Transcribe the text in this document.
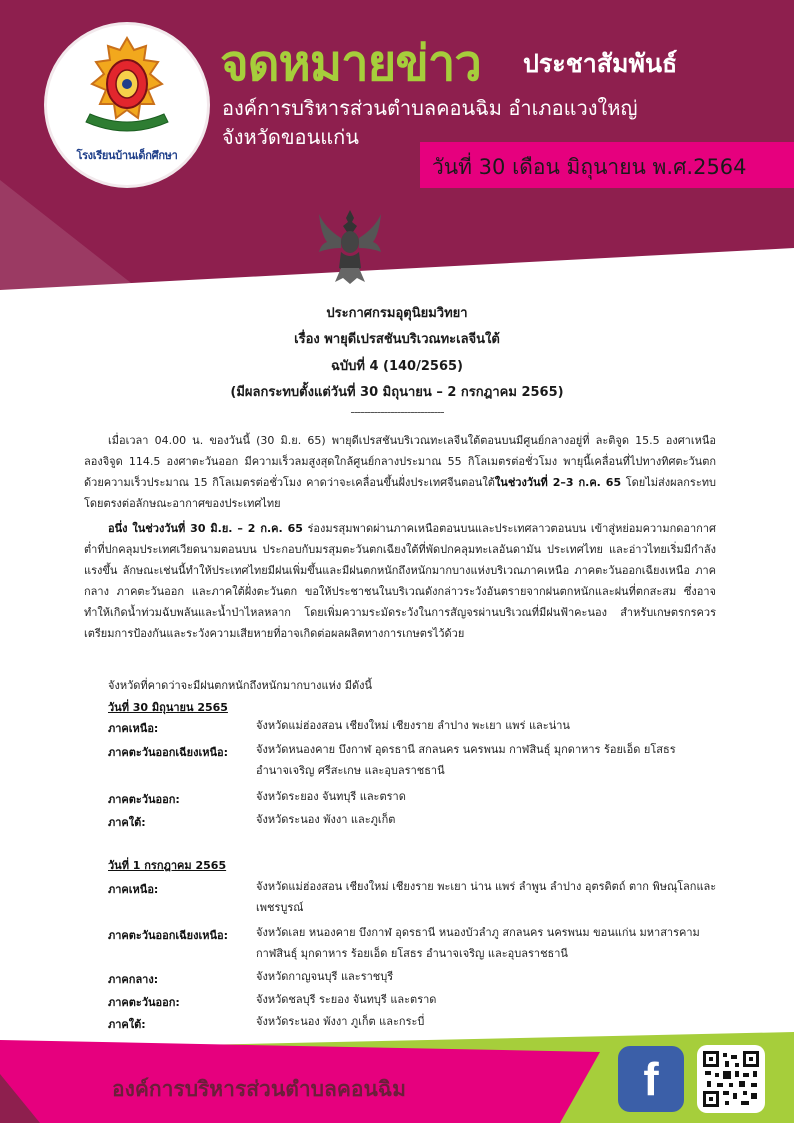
โรงเรียนบ้านเด็กศึกษา
จดหมายข่าว ประชาสัมพันธ์
องค์การบริหารส่วนตำบลคอนฉิม อำเภอแวงใหญ่
จังหวัดขอนแก่น
วันที่ 30 เดือน มิถุนายน พ.ศ.2564
ประกาศกรมอุตุนิยมวิทยา
เรื่อง พายุดีเปรสชันบริเวณทะเลจีนใต้
ฉบับที่ 4 (140/2565)
(มีผลกระทบตั้งแต่วันที่ 30 มิถุนายน – 2 กรกฎาคม 2565)
----------------------------

เมื่อเวลา 04.00 น. ของวันนี้ (30 มิ.ย. 65) พายุดีเปรสชันบริเวณทะเลจีนใต้ตอนบนมีศูนย์กลางอยู่ที่ ละติจูด 15.5 องศาเหนือ ลองจิจูด 114.5 องศาตะวันออก มีความเร็วลมสูงสุดใกล้ศูนย์กลางประมาณ 55 กิโลเมตรต่อชั่วโมง พายุนี้เคลื่อนที่ไปทางทิศตะวันตก ด้วยความเร็วประมาณ 15 กิโลเมตรต่อชั่วโมง คาดว่าจะเคลื่อนขึ้นฝั่งประเทศจีนตอนใต้ในช่วงวันที่ 2–3 ก.ค. 65 โดยไม่ส่งผลกระทบโดยตรงต่อลักษณะอากาศของประเทศไทย

อนึ่ง ในช่วงวันที่ 30 มิ.ย. – 2 ก.ค. 65 ร่องมรสุมพาดผ่านภาคเหนือตอนบนและประเทศลาวตอนบน เข้าสู่หย่อมความกดอากาศต่ำที่ปกคลุมประเทศเวียดนามตอนบน ประกอบกับมรสุมตะวันตกเฉียงใต้ที่พัดปกคลุมทะเลอันดามัน ประเทศไทย และอ่าวไทยเริ่มมีกำลังแรงขึ้น ลักษณะเช่นนี้ทำให้ประเทศไทยมีฝนเพิ่มขึ้นและมีฝนตกหนักถึงหนักมากบางแห่งบริเวณภาคเหนือ ภาคตะวันออกเฉียงเหนือ ภาคกลาง ภาคตะวันออก และภาคใต้ฝั่งตะวันตก ขอให้ประชาชนในบริเวณดังกล่าวระวังอันตรายจากฝนตกหนักและฝนที่ตกสะสม ซึ่งอาจทำให้เกิดน้ำท่วมฉับพลันและน้ำป่าไหลหลาก โดยเพิ่มความระมัดระวังในการสัญจรผ่านบริเวณที่มีฝนฟ้าคะนอง สำหรับเกษตรกรควรเตรียมการป้องกันและระวังความเสียหายที่อาจเกิดต่อผลผลิตทางการเกษตรไว้ด้วย

จังหวัดที่คาดว่าจะมีฝนตกหนักถึงหนักมากบางแห่ง มีดังนี้
วันที่ 30 มิถุนายน 2565
ภาคเหนือ:	จังหวัดแม่ฮ่องสอน เชียงใหม่ เชียงราย ลำปาง พะเยา แพร่ และน่าน
ภาคตะวันออกเฉียงเหนือ:	จังหวัดหนองคาย บึงกาฬ อุดรธานี สกลนคร นครพนม กาฬสินธุ์ มุกดาหาร ร้อยเอ็ด ยโสธร อำนาจเจริญ ศรีสะเกษ และอุบลราชธานี
ภาคตะวันออก:	จังหวัดระยอง จันทบุรี และตราด
ภาคใต้:	จังหวัดระนอง พังงา และภูเก็ต
วันที่ 1 กรกฎาคม 2565
ภาคเหนือ:	จังหวัดแม่ฮ่องสอน เชียงใหม่ เชียงราย พะเยา น่าน แพร่ ลำพูน ลำปาง อุตรดิตถ์ ตาก พิษณุโลกและเพชรบูรณ์
ภาคตะวันออกเฉียงเหนือ:	จังหวัดเลย หนองคาย บึงกาฬ อุดรธานี หนองบัวลำภู สกลนคร นครพนม ขอนแก่น มหาสารคาม กาฬสินธุ์ มุกดาหาร ร้อยเอ็ด ยโสธร อำนาจเจริญ และอุบลราชธานี
ภาคกลาง:	จังหวัดกาญจนบุรี และราชบุรี
ภาคตะวันออก:	จังหวัดชลบุรี ระยอง จันทบุรี และตราด
ภาคใต้:	จังหวัดระนอง พังงา ภูเก็ต และกระบี่
องค์การบริหารส่วนตำบลคอนฉิม	f
